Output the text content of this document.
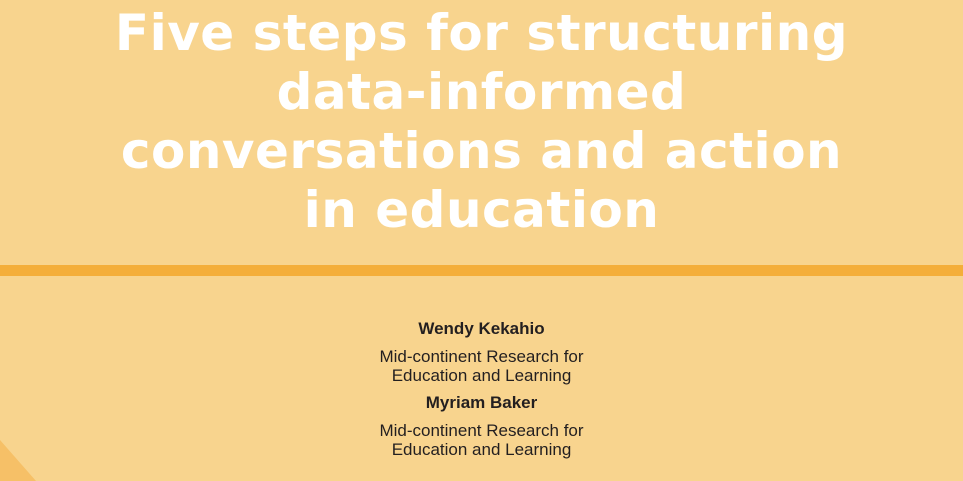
Five steps for structuring
data-informed
conversations and action
in education
Wendy Kekahio
Mid-continent Research for
Education and Learning
Myriam Baker
Mid-continent Research for
Education and Learning
